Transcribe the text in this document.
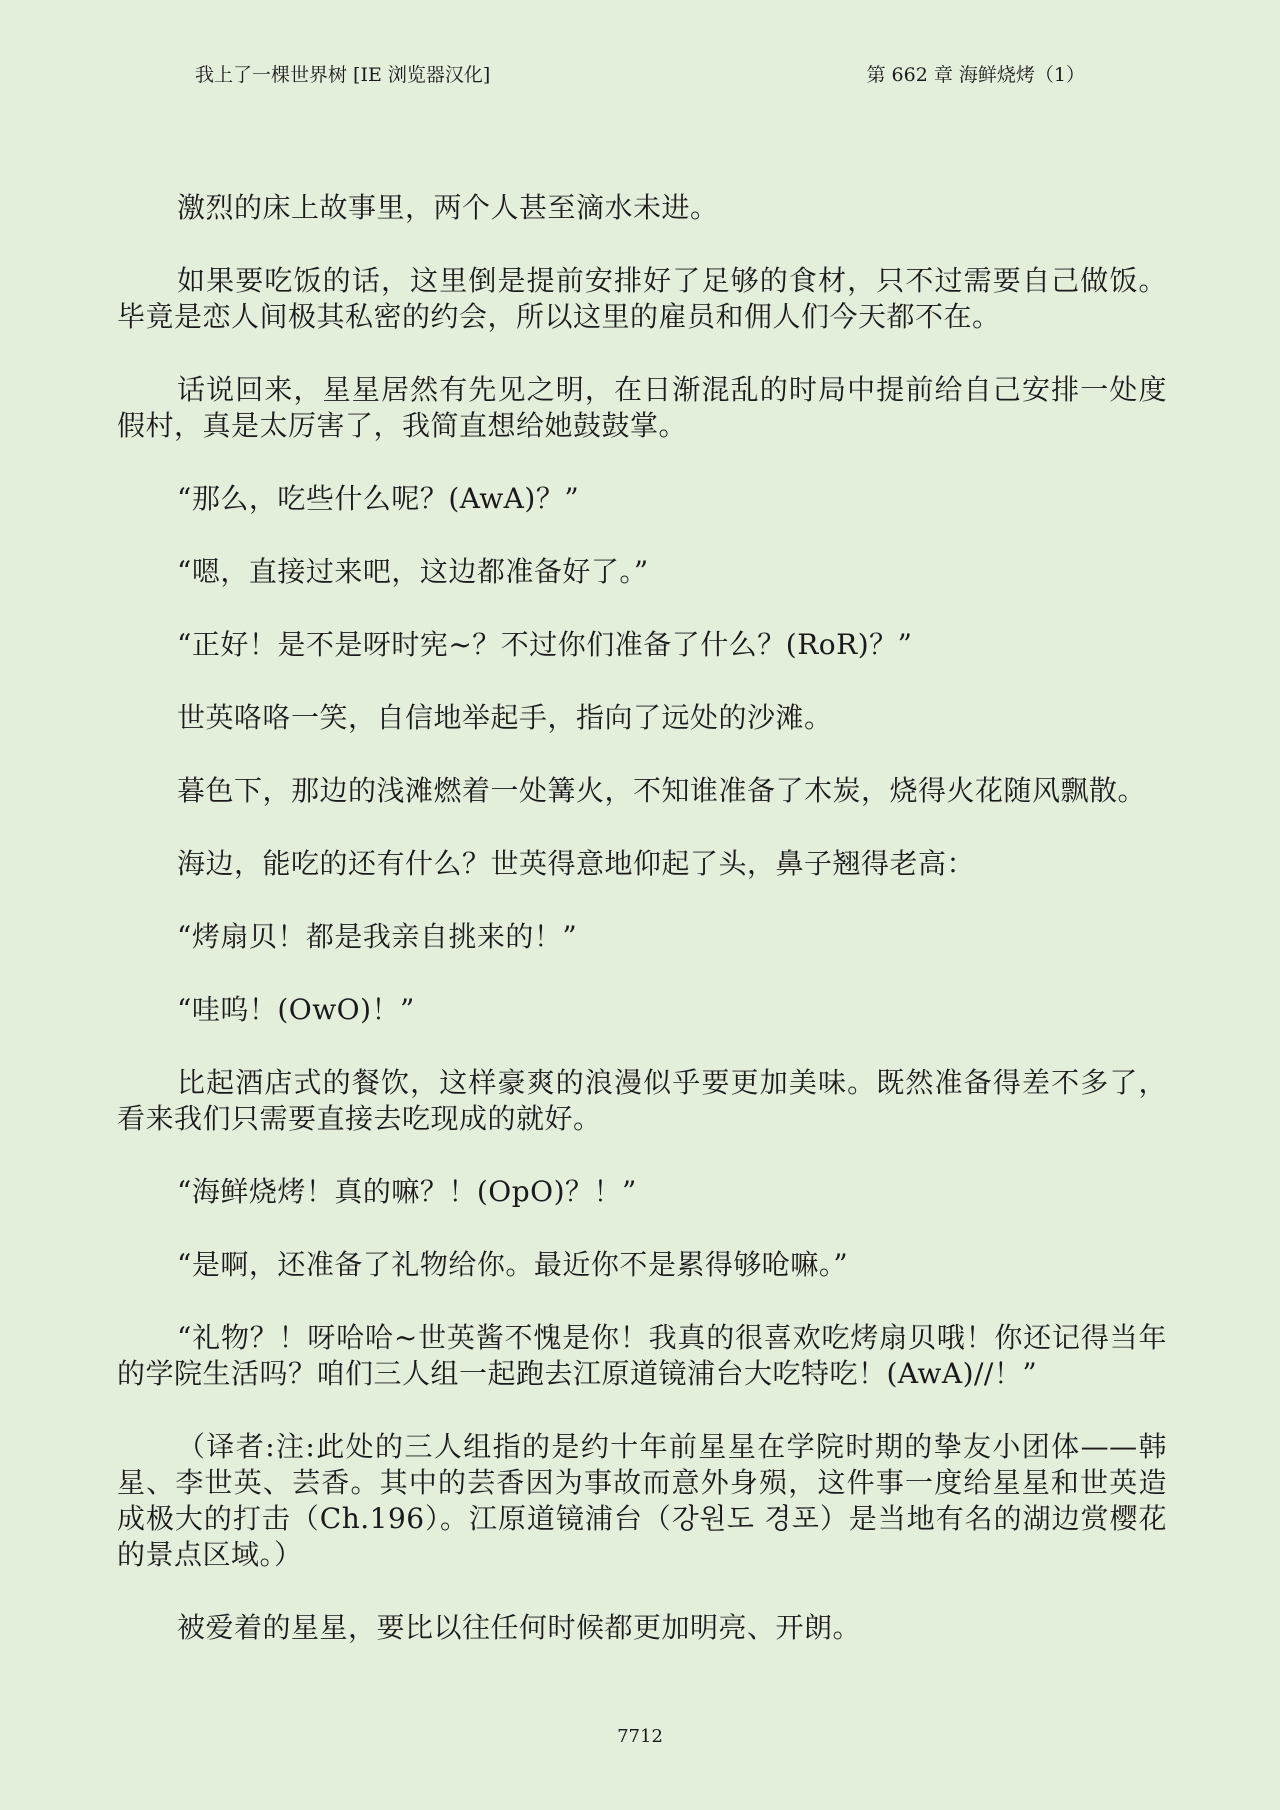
我上了一棵世界树 [IE 浏览器汉化]	第 662 章 海鲜烧烤（1）

激烈的床上故事里，两个人甚至滴水未进。

如果要吃饭的话，这里倒是提前安排好了足够的食材，只不过需要自己做饭。毕竟是恋人间极其私密的约会，所以这里的雇员和佣人们今天都不在。

话说回来，星星居然有先见之明，在日渐混乱的时局中提前给自己安排一处度假村，真是太厉害了，我简直想给她鼓鼓掌。

“那么，吃些什么呢？(AwA)？”

“嗯，直接过来吧，这边都准备好了。”

“正好！是不是呀时宪~？不过你们准备了什么？(RoR)？”

世英咯咯一笑，自信地举起手，指向了远处的沙滩。

暮色下，那边的浅滩燃着一处篝火，不知谁准备了木炭，烧得火花随风飘散。

海边，能吃的还有什么？世英得意地仰起了头，鼻子翘得老高：

“烤扇贝！都是我亲自挑来的！”

“哇呜！(OwO)！”

比起酒店式的餐饮，这样豪爽的浪漫似乎要更加美味。既然准备得差不多了，看来我们只需要直接去吃现成的就好。

“海鲜烧烤！真的嘛？！(OpO)？！”

“是啊，还准备了礼物给你。最近你不是累得够呛嘛。”

“礼物？！呀哈哈~世英酱不愧是你！我真的很喜欢吃烤扇贝哦！你还记得当年的学院生活吗？咱们三人组一起跑去江原道镜浦台大吃特吃！(AwA)//！”

（译者:注:此处的三人组指的是约十年前星星在学院时期的挚友小团体——韩星、李世英、芸香。其中的芸香因为事故而意外身殒，这件事一度给星星和世英造成极大的打击（Ch.196）。江原道镜浦台（강원도 경포）是当地有名的湖边赏樱花的景点区域。）

被爱着的星星，要比以往任何时候都更加明亮、开朗。

7712
